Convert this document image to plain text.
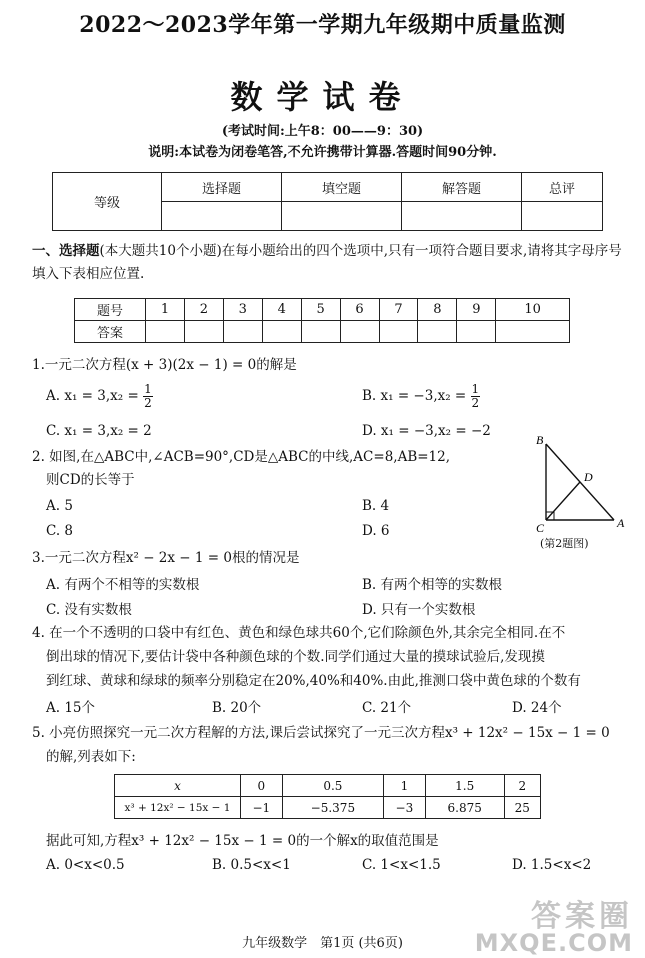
2022～2023学年第一学期九年级期中质量监测
数学试卷
(考试时间:上午8：00——9：30)
说明:本试卷为闭卷笔答,不允许携带计算器.答题时间90分钟.
等级	选择题	填空题	解答题	总评

一、选择题(本大题共10个小题)在每小题给出的四个选项中,只有一项符合题目要求,请将其字母序号填入下表相应位置.
题号	1	2	3	4	5	6	7	8	9	10
答案										
1.一元二次方程(x + 3)(2x − 1) = 0的解是
A. $x_1 = 3,x_2 = \frac{1}{2}$	B. $x_1 = -3,x_2 = \frac{1}{2}$
C. x₁ = 3,x₂ = 2	D. x₁ = −3,x₂ = −2
2. 如图,在△ABC中,∠ACB=90°,CD是△ABC的中线,AC=8,AB=12,
则CD的长等于
A. 5	B. 4
C. 8	D. 6
B
D
C	A
(第2题图)
3.一元二次方程x² − 2x − 1 = 0根的情况是
A. 有两个不相等的实数根	B. 有两个相等的实数根
C. 没有实数根	D. 只有一个实数根
4. 在一个不透明的口袋中有红色、黄色和绿色球共60个,它们除颜色外,其余完全相同.在不
倒出球的情况下,要估计袋中各种颜色球的个数.同学们通过大量的摸球试验后,发现摸
到红球、黄球和绿球的频率分别稳定在20%,40%和40%.由此,推测口袋中黄色球的个数有
A. 15个	B. 20个	C. 21个	D. 24个
5. 小亮仿照探究一元二次方程解的方法,课后尝试探究了一元三次方程x³ + 12x² − 15x − 1 = 0
的解,列表如下:
x	0	0.5	1	1.5	2
x³ + 12x² − 15x − 1	−1	−5.375	−3	6.875	25
据此可知,方程x³ + 12x² − 15x − 1 = 0的一个解x的取值范围是
A. 0<x<0.5	B. 0.5<x<1	C. 1<x<1.5	D. 1.5<x<2
九年级数学　第1页 (共6页)
答案圈
MXQE.COM
